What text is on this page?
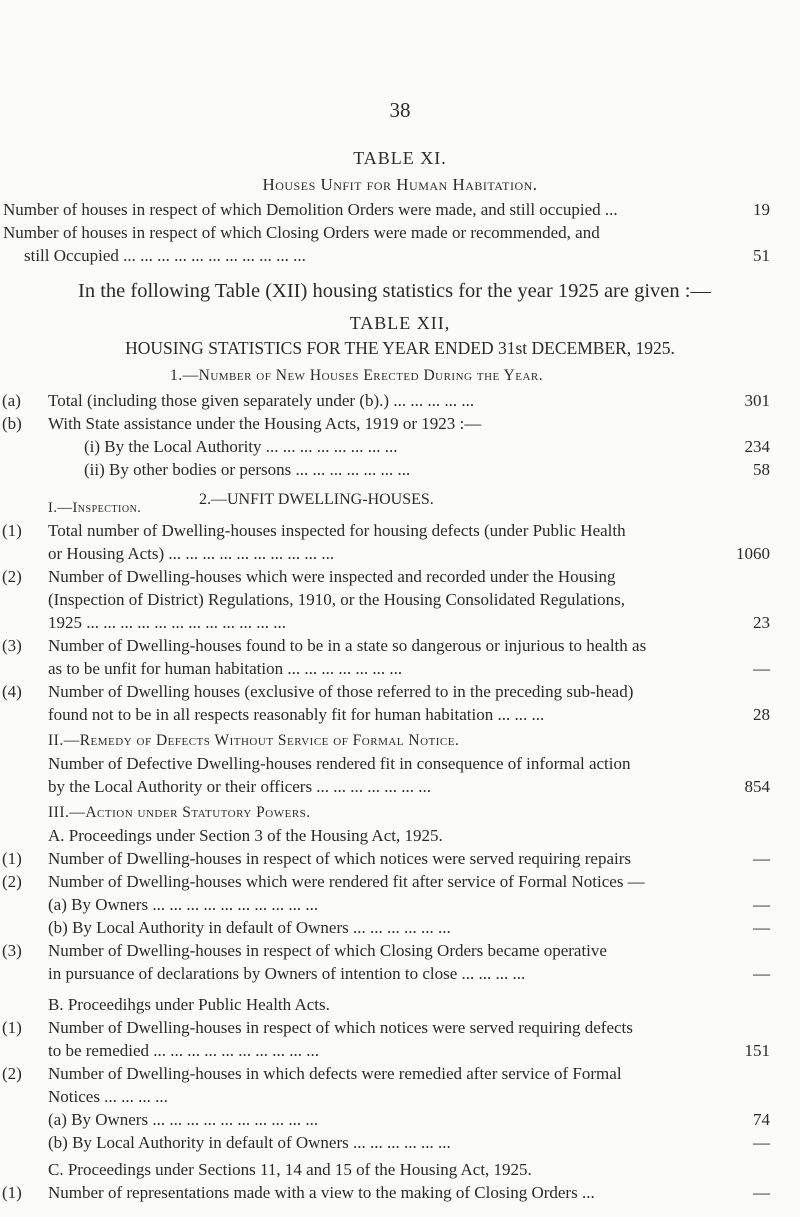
38
TABLE XI.
Houses Unfit for Human Habitation.
Number of houses in respect of which Demolition Orders were made, and still occupied ...	19
Number of houses in respect of which Closing Orders were made or recommended, and
still Occupied ... ... ... ... ... ... ... ... ... ... ...	51
In the following Table (XII) housing statistics for the year 1925 are given :—
TABLE XII,
HOUSING STATISTICS FOR THE YEAR ENDED 31st DECEMBER, 1925.
1.—Number of New Houses Erected During the Year.
(a) Total (including those given separately under (b).) ... ... ... ... ...	301
(b) With State assistance under the Housing Acts, 1919 or 1923 :—
(i) By the Local Authority ... ... ... ... ... ... ... ...	234
(ii) By other bodies or persons ... ... ... ... ... ... ...	58
I.—Inspection.	2.—UNFIT DWELLING-HOUSES.
(1) Total number of Dwelling-houses inspected for housing defects (under Public Health
or Housing Acts) ... ... ... ... ... ... ... ... ... ...	1060
(2) Number of Dwelling-houses which were inspected and recorded under the Housing
(Inspection of District) Regulations, 1910, or the Housing Consolidated Regulations,
1925 ... ... ... ... ... ... ... ... ... ... ... ...	23
(3) Number of Dwelling-houses found to be in a state so dangerous or injurious to health as
as to be unfit for human habitation ... ... ... ... ... ... ...	—
(4) Number of Dwelling houses (exclusive of those referred to in the preceding sub-head)
found not to be in all respects reasonably fit for human habitation ... ... ...	28
II.—Remedy of Defects Without Service of Formal Notice.
Number of Defective Dwelling-houses rendered fit in consequence of informal action
by the Local Authority or their officers ... ... ... ... ... ... ...	854
III.—Action under Statutory Powers.
A. Proceedings under Section 3 of the Housing Act, 1925.
(1) Number of Dwelling-houses in respect of which notices were served requiring repairs	—
(2) Number of Dwelling-houses which were rendered fit after service of Formal Notices —
(a) By Owners ... ... ... ... ... ... ... ... ... ...	—
(b) By Local Authority in default of Owners ... ... ... ... ... ...	—
(3) Number of Dwelling-houses in respect of which Closing Orders became operative
in pursuance of declarations by Owners of intention to close ... ... ... ...	—
B. Proceedihgs under Public Health Acts.
(1) Number of Dwelling-houses in respect of which notices were served requiring defects
to be remedied ... ... ... ... ... ... ... ... ... ...	151
(2) Number of Dwelling-houses in which defects were remedied after service of Formal
Notices ... ... ... ...
(a) By Owners ... ... ... ... ... ... ... ... ... ...	74
(b) By Local Authority in default of Owners ... ... ... ... ... ...	—
C. Proceedings under Sections 11, 14 and 15 of the Housing Act, 1925.
(1) Number of representations made with a view to the making of Closing Orders ...	—
